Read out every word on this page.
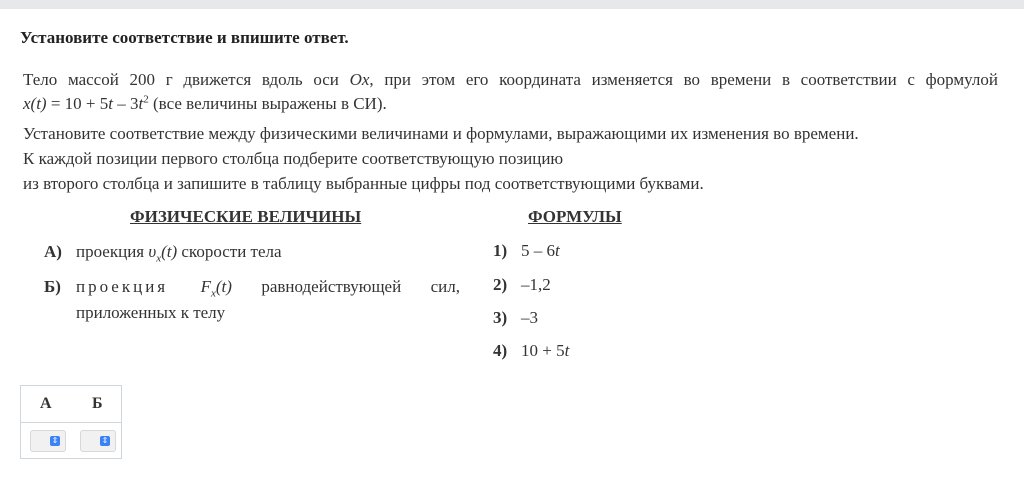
Установите соответствие и впишите ответ.
Тело массой 200 г движется вдоль оси Ox, при этом его координата изменяется во времени в соответствии с формулой
$x(t) = 10 + 5t - 3t^2$ (все величины выражены в СИ).
Установите соответствие между физическими величинами и формулами, выражающими их изменения во времени.
К каждой позиции первого столбца подберите соответствующую позицию
из второго столбца и запишите в таблицу выбранные цифры под соответствующими буквами.
ФИЗИЧЕСКИЕ ВЕЛИЧИНЫ	ФОРМУЛЫ
А) проекция $\upsilon_x(t)$ скорости тела
Б) проекция $F_x(t)$ равнодействующей сил,
приложенных к телу
1) 5 – 6t
2) –1,2
3) –3
4) 10 + 5t
А	Б
⇕	⇕
